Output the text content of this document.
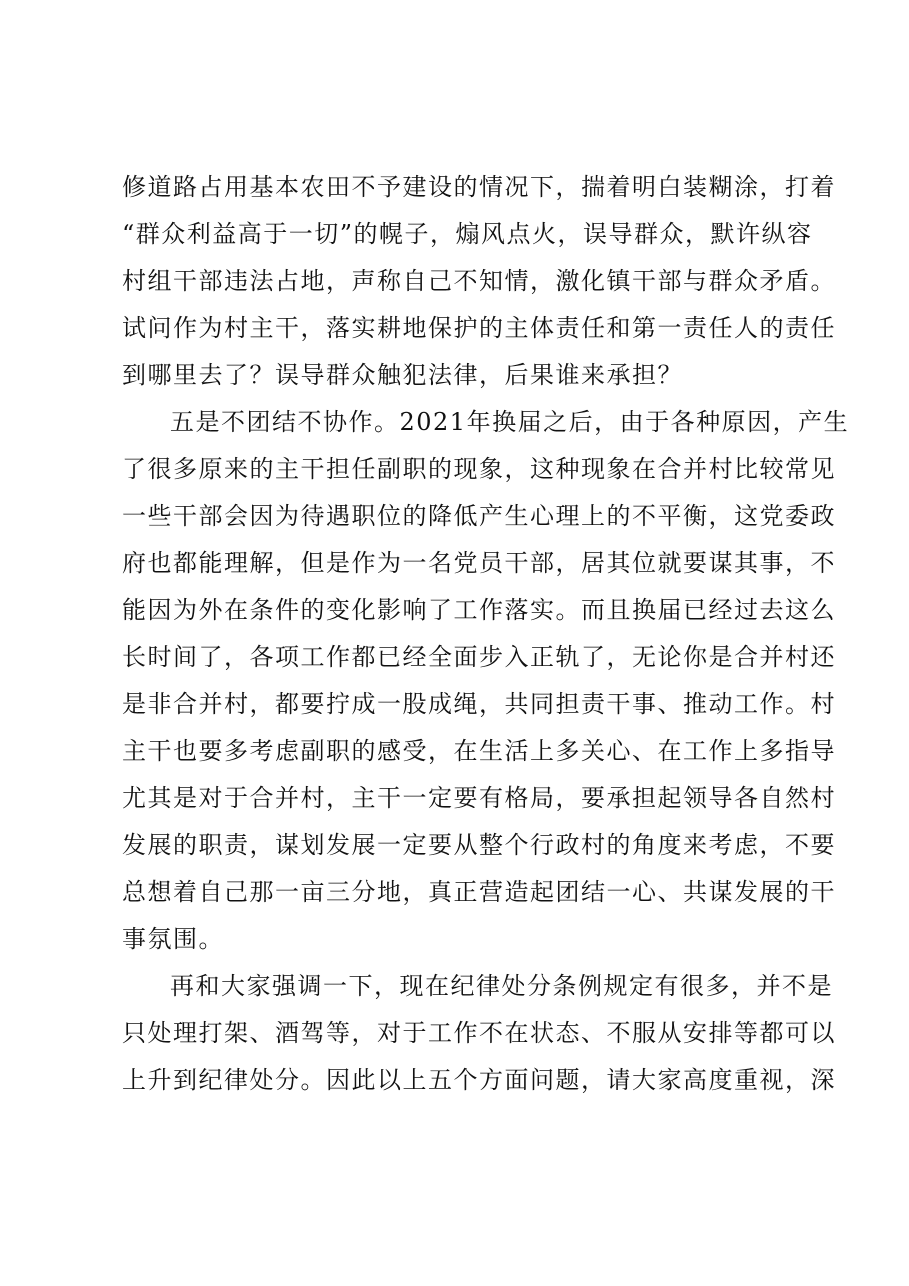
修道路占用基本农田不予建设的情况下，揣着明白装糊涂，打着
“群众利益高于一切”的幌子，煽风点火，误导群众，默许纵容
村组干部违法占地，声称自己不知情，激化镇干部与群众矛盾。
试问作为村主干，落实耕地保护的主体责任和第一责任人的责任
到哪里去了？误导群众触犯法律，后果谁来承担？
五是不团结不协作。2021年换届之后，由于各种原因，产生
了很多原来的主干担任副职的现象，这种现象在合并村比较常见
一些干部会因为待遇职位的降低产生心理上的不平衡，这党委政
府也都能理解，但是作为一名党员干部，居其位就要谋其事，不
能因为外在条件的变化影响了工作落实。而且换届已经过去这么
长时间了，各项工作都已经全面步入正轨了，无论你是合并村还
是非合并村，都要拧成一股成绳，共同担责干事、推动工作。村
主干也要多考虑副职的感受，在生活上多关心、在工作上多指导
尤其是对于合并村，主干一定要有格局，要承担起领导各自然村
发展的职责，谋划发展一定要从整个行政村的角度来考虑，不要
总想着自己那一亩三分地，真正营造起团结一心、共谋发展的干
事氛围。
再和大家强调一下，现在纪律处分条例规定有很多，并不是
只处理打架、酒驾等，对于工作不在状态、不服从安排等都可以
上升到纪律处分。因此以上五个方面问题，请大家高度重视，深
